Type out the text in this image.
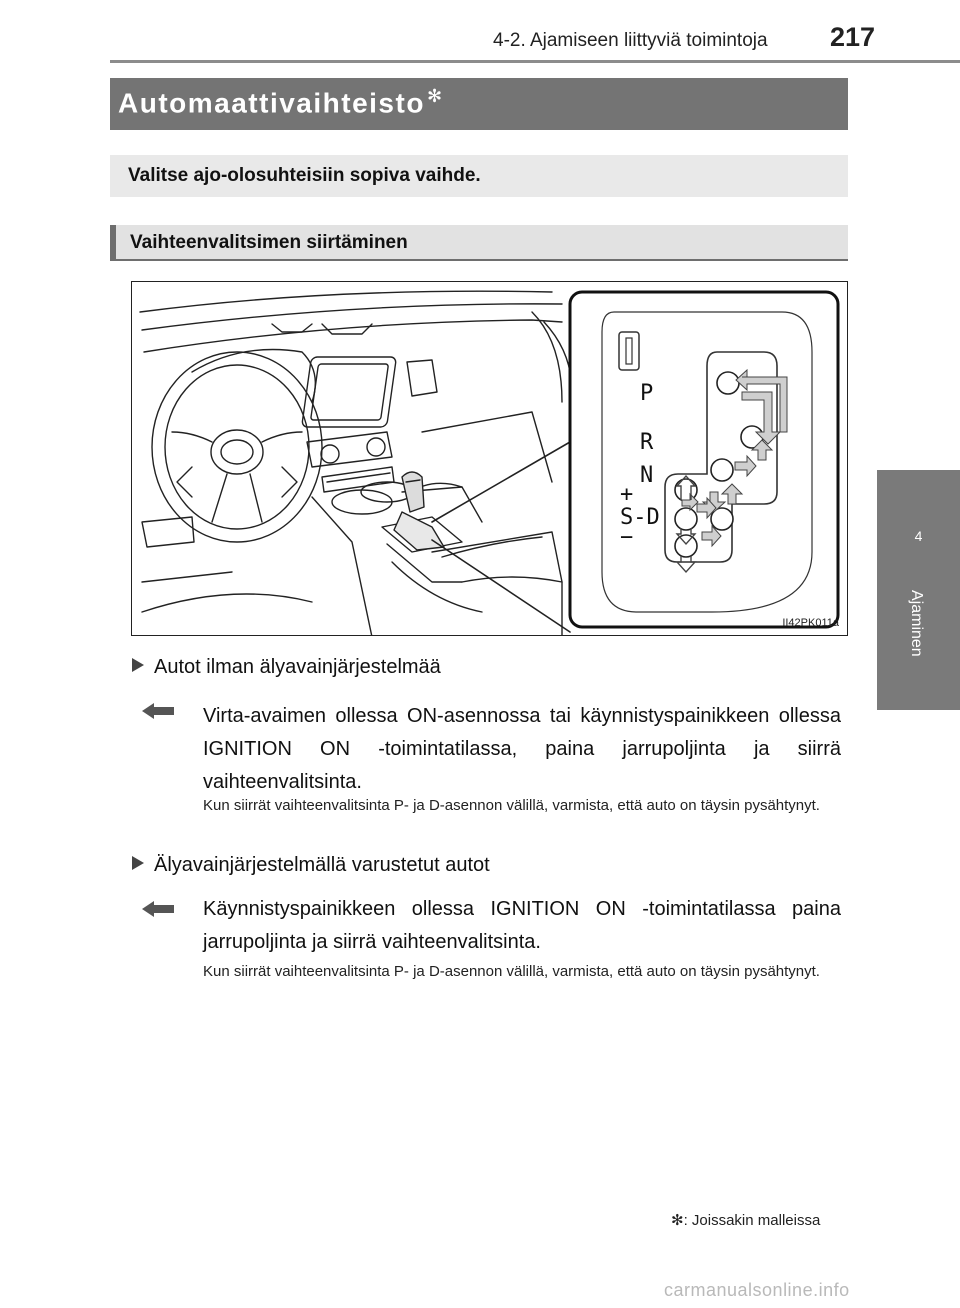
4-2. Ajamiseen liittyviä toimintoja 217
4
Ajaminen
Automaattivaihteisto ✻
Valitse ajo-olosuhteisiin sopiva vaihde.
Vaihteenvalitsimen siirtäminen
P
R
N
+
S-D
−
II42PK011a
Autot ilman älyavainjärjestelmää
Virta-avaimen ollessa ON-asennossa tai käynnistyspainikkeen ollessa IGNITION ON -toimintatilassa, paina jarrupoljinta ja siirrä vaihteenvalitsinta.
Kun siirrät vaihteenvalitsinta P- ja D-asennon välillä, varmista, että auto on täysin pysähtynyt.
Älyavainjärjestelmällä varustetut autot
Käynnistyspainikkeen ollessa IGNITION ON -toimintatilassa paina jarrupoljinta ja siirrä vaihteenvalitsinta.
Kun siirrät vaihteenvalitsinta P- ja D-asennon välillä, varmista, että auto on täysin pysähtynyt.
✻: Joissakin malleissa
carmanualsonline.info
